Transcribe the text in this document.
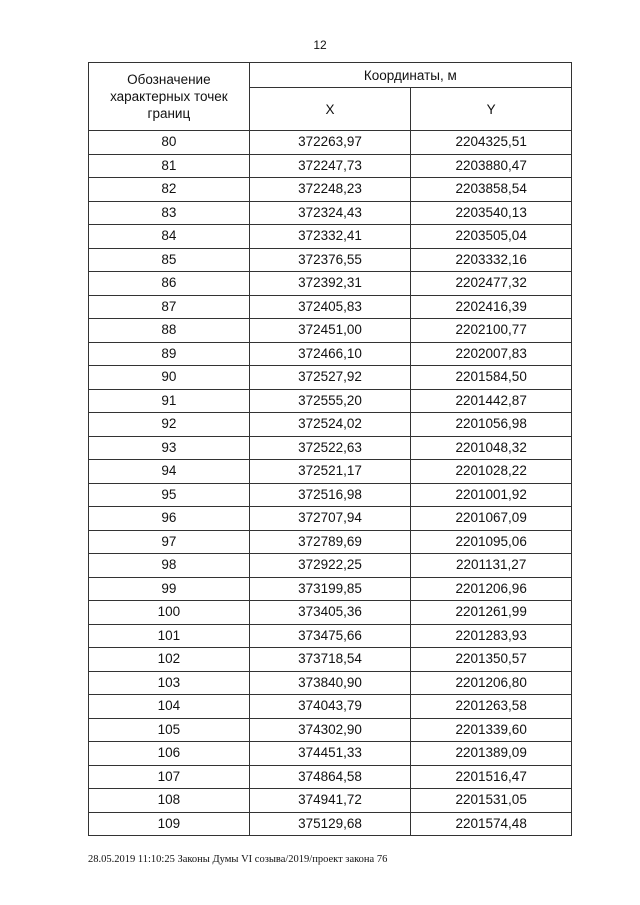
12
Обозначение характерных точек границ	Координаты, м	
	X	Y
80	372263,97	2204325,51
81	372247,73	2203880,47
82	372248,23	2203858,54
83	372324,43	2203540,13
84	372332,41	2203505,04
85	372376,55	2203332,16
86	372392,31	2202477,32
87	372405,83	2202416,39
88	372451,00	2202100,77
89	372466,10	2202007,83
90	372527,92	2201584,50
91	372555,20	2201442,87
92	372524,02	2201056,98
93	372522,63	2201048,32
94	372521,17	2201028,22
95	372516,98	2201001,92
96	372707,94	2201067,09
97	372789,69	2201095,06
98	372922,25	2201131,27
99	373199,85	2201206,96
100	373405,36	2201261,99
101	373475,66	2201283,93
102	373718,54	2201350,57
103	373840,90	2201206,80
104	374043,79	2201263,58
105	374302,90	2201339,60
106	374451,33	2201389,09
107	374864,58	2201516,47
108	374941,72	2201531,05
109	375129,68	2201574,48
28.05.2019 11:10:25 Законы Думы VI созыва/2019/проект закона 76
